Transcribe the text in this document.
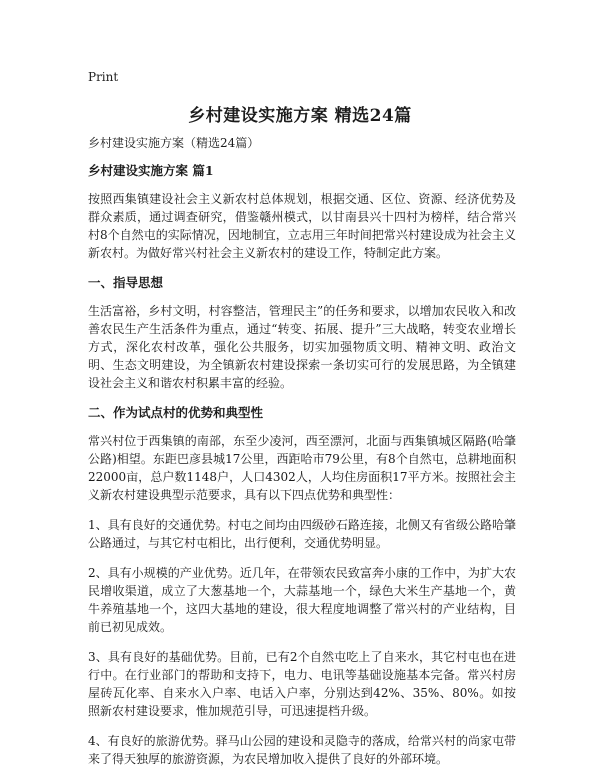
Print
乡村建设实施方案 精选24篇
乡村建设实施方案（精选24篇）
乡村建设实施方案 篇1

按照西集镇建设社会主义新农村总体规划，根据交通、区位、资源、经济优势及群众素质，通过调查研究，借鉴赣州模式，以甘南县兴十四村为榜样，结合常兴村8个自然屯的实际情况，因地制宜，立志用三年时间把常兴村建设成为社会主义新农村。为做好常兴村社会主义新农村的建设工作，特制定此方案。

一、指导思想

生活富裕，乡村文明，村容整洁，管理民主”的任务和要求，以增加农民收入和改善农民生产生活条件为重点，通过“转变、拓展、提升”三大战略，转变农业增长方式，深化农村改革，强化公共服务，切实加强物质文明、精神文明、政治文明、生态文明建设，为全镇新农村建设探索一条切实可行的发展思路，为全镇建设社会主义和谐农村积累丰富的经验。

二、作为试点村的优势和典型性

常兴村位于西集镇的南部，东至少凌河，西至漂河，北面与西集镇城区隔路(哈肇公路)相望。东距巴彦县城17公里，西距哈市79公里，有8个自然屯，总耕地面积22000亩，总户数1148户，人口4302人，人均住房面积17平方米。按照社会主义新农村建设典型示范要求，具有以下四点优势和典型性：

1、具有良好的交通优势。村屯之间均由四级砂石路连接，北侧又有省级公路哈肇公路通过，与其它村屯相比，出行便利，交通优势明显。

2、具有小规模的产业优势。近几年，在带领农民致富奔小康的工作中，为扩大农民增收渠道，成立了大葱基地一个，大蒜基地一个，绿色大米生产基地一个，黄牛养殖基地一个，这四大基地的建设，很大程度地调整了常兴村的产业结构，目前已初见成效。

3、具有良好的基础优势。目前，已有2个自然屯吃上了自来水，其它村屯也在进行中。在行业部门的帮助和支持下，电力、电讯等基础设施基本完备。常兴村房屋砖瓦化率、自来水入户率、电话入户率，分别达到42%、35%、80%。如按照新农村建设要求，惟加规范引导，可迅速提档升级。

4、有良好的旅游优势。驿马山公园的建设和灵隐寺的落成，给常兴村的尚家屯带来了得天独厚的旅游资源，为农民增加收入提供了良好的外部环境。
